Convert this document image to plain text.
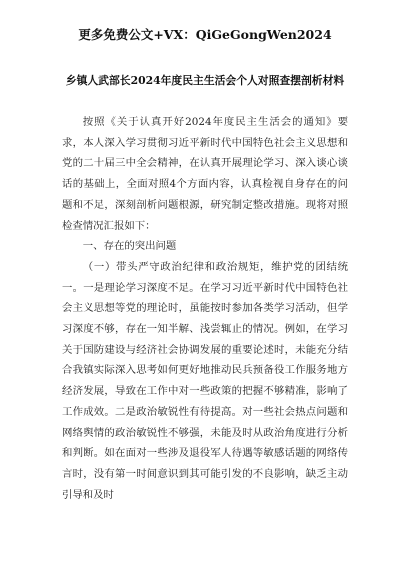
更多免费公文+VX：QiGeGongWen2024
乡镇人武部长2024年度民主生活会个人对照查摆剖析材料

按照《关于认真开好2024年度民主生活会的通知》要求，本人深入学习贯彻习近平新时代中国特色社会主义思想和党的二十届三中全会精神，在认真开展理论学习、深入谈心谈话的基础上，全面对照4个方面内容，认真检视自身存在的问题和不足，深刻剖析问题根源，研究制定整改措施。现将对照检查情况汇报如下：

一、存在的突出问题

（一）带头严守政治纪律和政治规矩，维护党的团结统一。一是理论学习深度不足。在学习习近平新时代中国特色社会主义思想等党的理论时，虽能按时参加各类学习活动，但学习深度不够，存在一知半解、浅尝辄止的情况。例如，在学习关于国防建设与经济社会协调发展的重要论述时，未能充分结合我镇实际深入思考如何更好地推动民兵预备役工作服务地方经济发展，导致在工作中对一些政策的把握不够精准，影响了工作成效。二是政治敏锐性有待提高。对一些社会热点问题和网络舆情的政治敏锐性不够强，未能及时从政治角度进行分析和判断。如在面对一些涉及退役军人待遇等敏感话题的网络传言时，没有第一时间意识到其可能引发的不良影响，缺乏主动引导和及时
